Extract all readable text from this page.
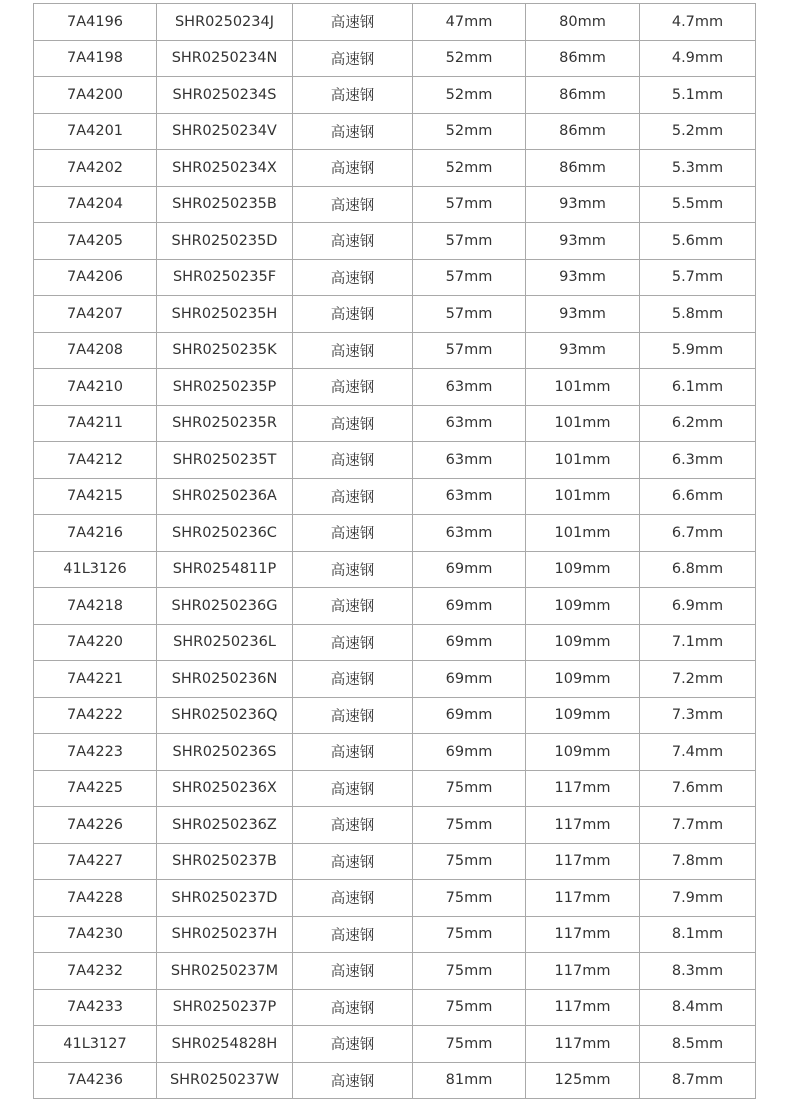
7A4196	SHR0250234J	高速钢	47mm	80mm	4.7mm
7A4198	SHR0250234N	高速钢	52mm	86mm	4.9mm
7A4200	SHR0250234S	高速钢	52mm	86mm	5.1mm
7A4201	SHR0250234V	高速钢	52mm	86mm	5.2mm
7A4202	SHR0250234X	高速钢	52mm	86mm	5.3mm
7A4204	SHR0250235B	高速钢	57mm	93mm	5.5mm
7A4205	SHR0250235D	高速钢	57mm	93mm	5.6mm
7A4206	SHR0250235F	高速钢	57mm	93mm	5.7mm
7A4207	SHR0250235H	高速钢	57mm	93mm	5.8mm
7A4208	SHR0250235K	高速钢	57mm	93mm	5.9mm
7A4210	SHR0250235P	高速钢	63mm	101mm	6.1mm
7A4211	SHR0250235R	高速钢	63mm	101mm	6.2mm
7A4212	SHR0250235T	高速钢	63mm	101mm	6.3mm
7A4215	SHR0250236A	高速钢	63mm	101mm	6.6mm
7A4216	SHR0250236C	高速钢	63mm	101mm	6.7mm
41L3126	SHR0254811P	高速钢	69mm	109mm	6.8mm
7A4218	SHR0250236G	高速钢	69mm	109mm	6.9mm
7A4220	SHR0250236L	高速钢	69mm	109mm	7.1mm
7A4221	SHR0250236N	高速钢	69mm	109mm	7.2mm
7A4222	SHR0250236Q	高速钢	69mm	109mm	7.3mm
7A4223	SHR0250236S	高速钢	69mm	109mm	7.4mm
7A4225	SHR0250236X	高速钢	75mm	117mm	7.6mm
7A4226	SHR0250236Z	高速钢	75mm	117mm	7.7mm
7A4227	SHR0250237B	高速钢	75mm	117mm	7.8mm
7A4228	SHR0250237D	高速钢	75mm	117mm	7.9mm
7A4230	SHR0250237H	高速钢	75mm	117mm	8.1mm
7A4232	SHR0250237M	高速钢	75mm	117mm	8.3mm
7A4233	SHR0250237P	高速钢	75mm	117mm	8.4mm
41L3127	SHR0254828H	高速钢	75mm	117mm	8.5mm
7A4236	SHR0250237W	高速钢	81mm	125mm	8.7mm
